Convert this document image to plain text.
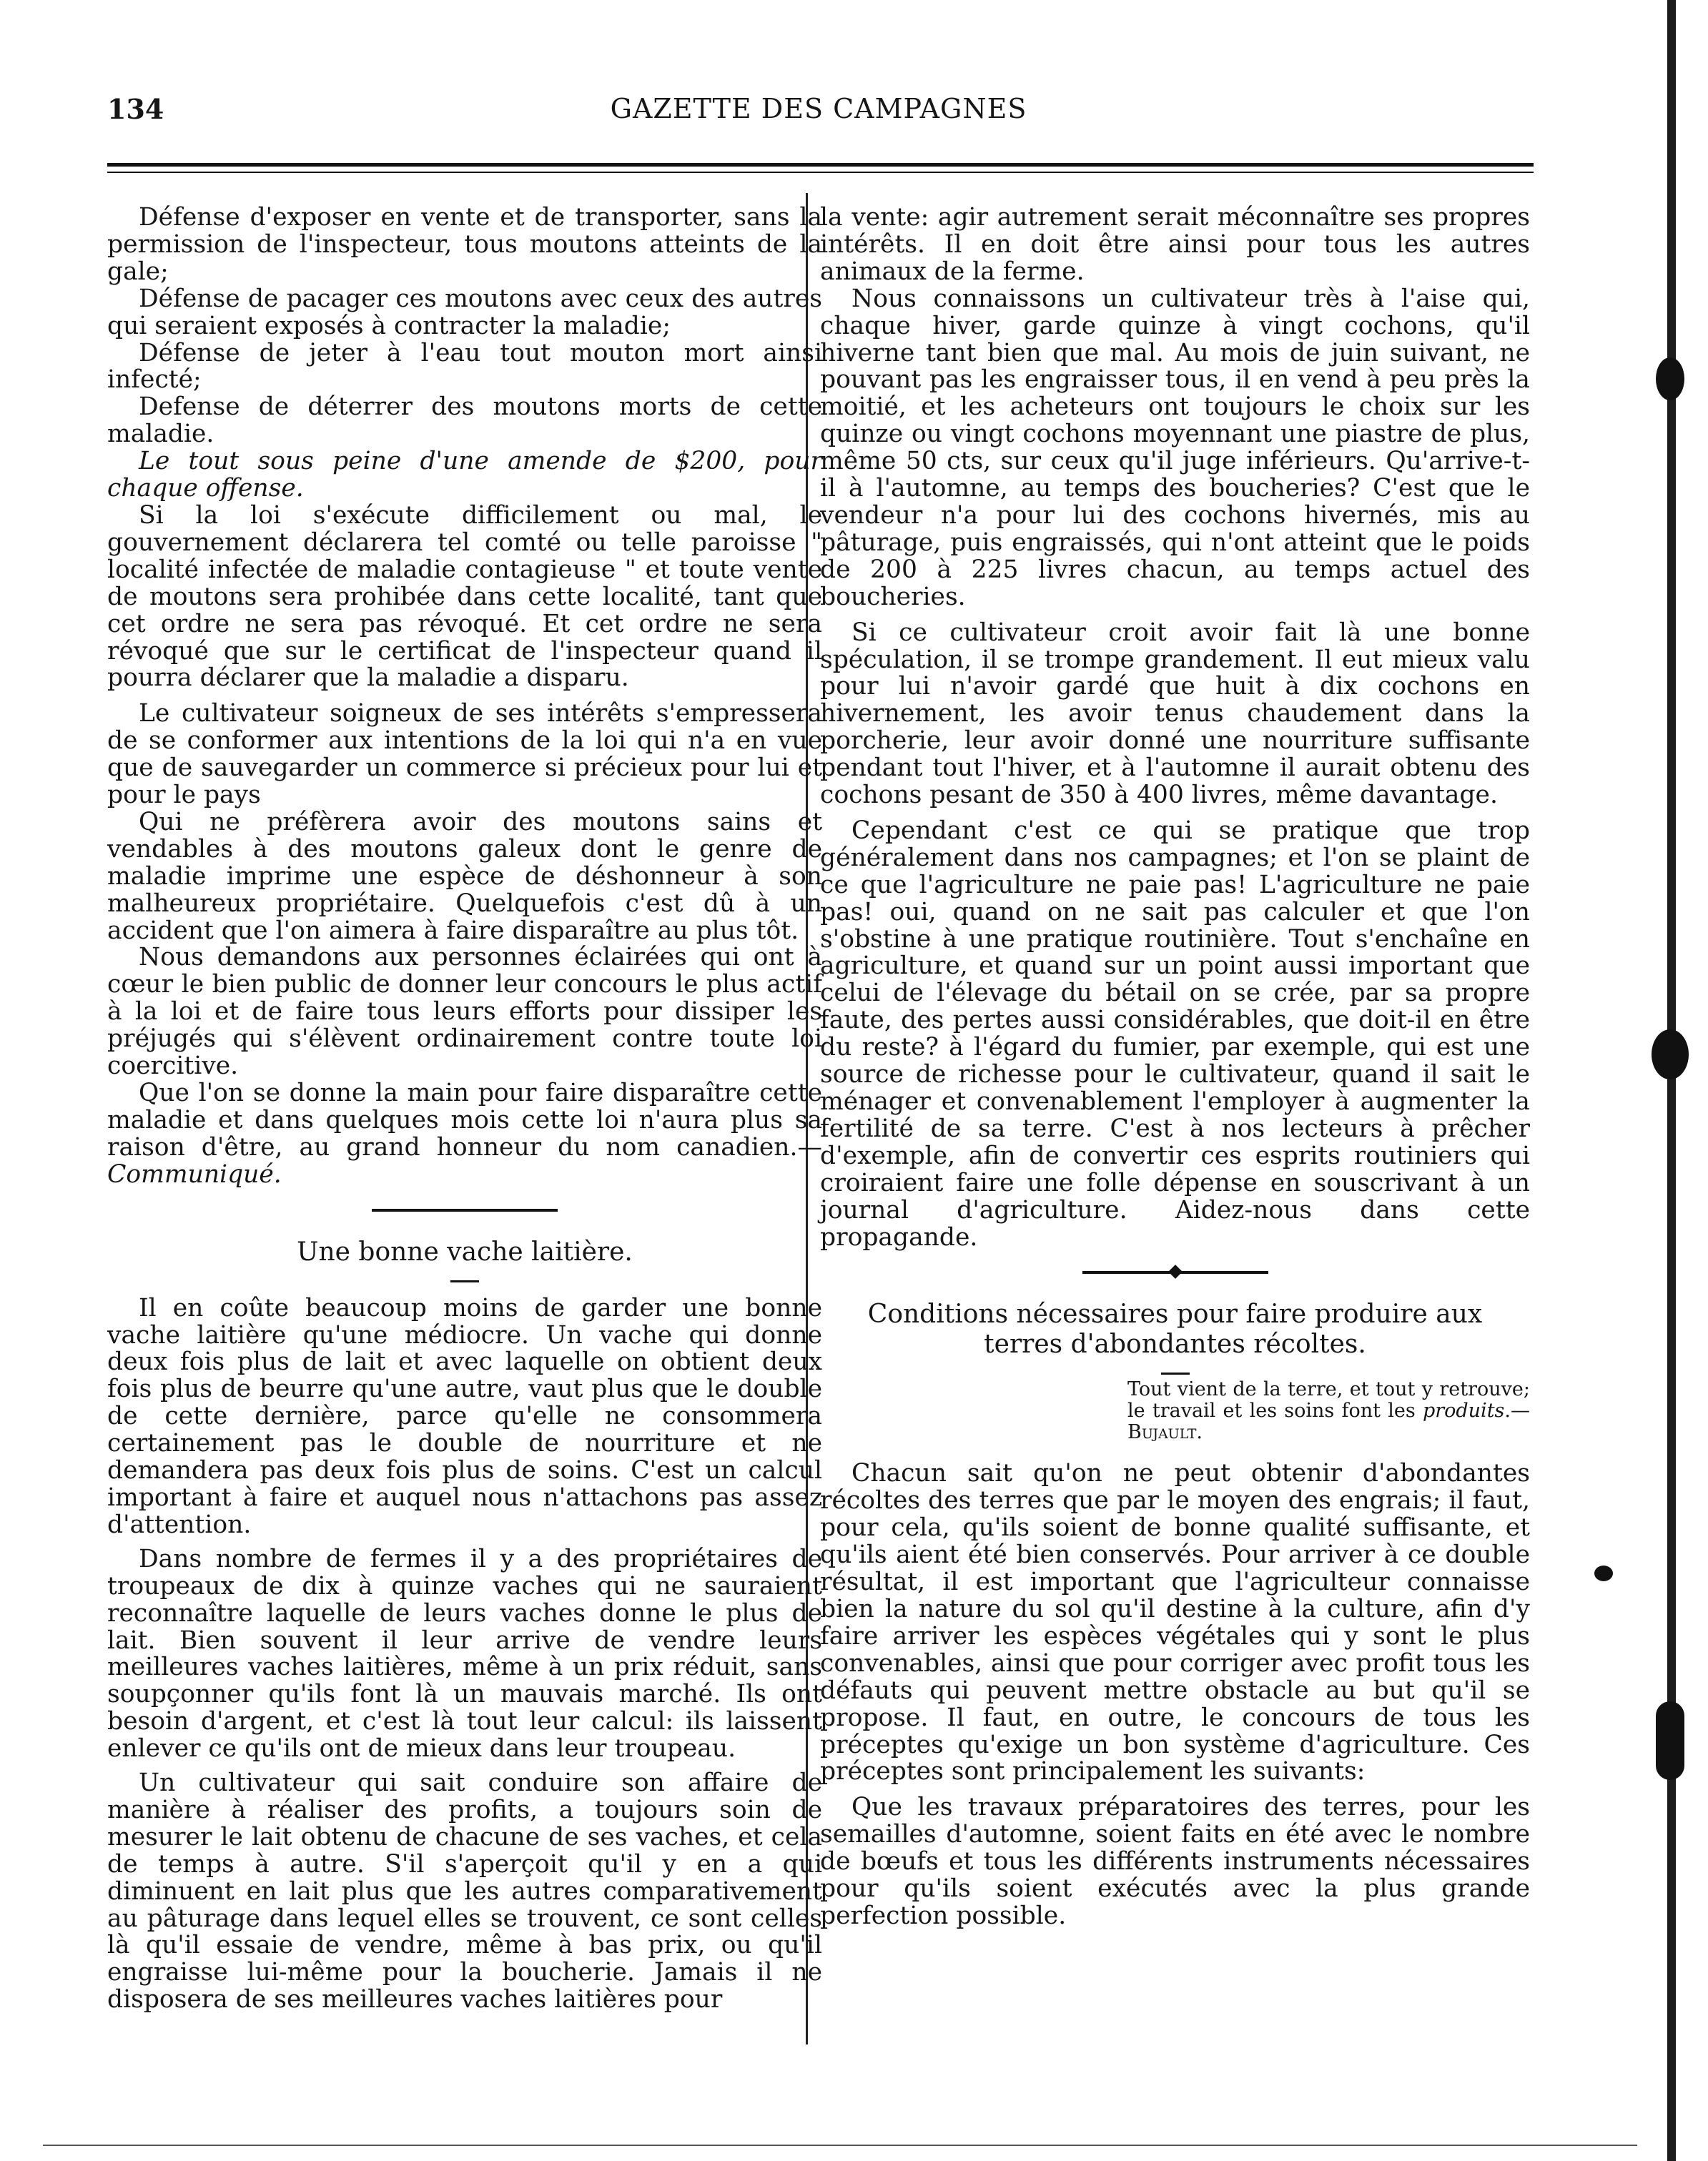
134	GAZETTE DES CAMPAGNES

Défense d'exposer en vente et de transporter, sans la permission de l'inspecteur, tous moutons atteints de la gale;

Défense de pacager ces moutons avec ceux des autres qui seraient exposés à contracter la maladie;

Défense de jeter à l'eau tout mouton mort ainsi infecté;

Defense de déterrer des moutons morts de cette maladie.

Le tout sous peine d'une amende de $200, pour chaque offense.

Si la loi s'exécute difficilement ou mal, le gouvernement déclarera tel comté ou telle paroisse " localité infectée de maladie contagieuse " et toute vente de moutons sera prohibée dans cette localité, tant que cet ordre ne sera pas révoqué. Et cet ordre ne sera révoqué que sur le certificat de l'inspecteur quand il pourra déclarer que la maladie a disparu.

Le cultivateur soigneux de ses intérêts s'empressera de se conformer aux intentions de la loi qui n'a en vue que de sauvegarder un commerce si précieux pour lui et pour le pays

Qui ne préfèrera avoir des moutons sains et vendables à des moutons galeux dont le genre de maladie imprime une espèce de déshonneur à son malheureux propriétaire. Quelquefois c'est dû à un accident que l'on aimera à faire disparaître au plus tôt.

Nous demandons aux personnes éclairées qui ont à cœur le bien public de donner leur concours le plus actif à la loi et de faire tous leurs efforts pour dissiper les préjugés qui s'élèvent ordinairement contre toute loi coercitive.

Que l'on se donne la main pour faire disparaître cette maladie et dans quelques mois cette loi n'aura plus sa raison d'être, au grand honneur du nom canadien.—Communiqué.

Une bonne vache laitière.

Il en coûte beaucoup moins de garder une bonne vache laitière qu'une médiocre. Un vache qui donne deux fois plus de lait et avec laquelle on obtient deux fois plus de beurre qu'une autre, vaut plus que le double de cette dernière, parce qu'elle ne consommera certainement pas le double de nourriture et ne demandera pas deux fois plus de soins. C'est un calcul important à faire et auquel nous n'attachons pas assez d'attention.

Dans nombre de fermes il y a des propriétaires de troupeaux de dix à quinze vaches qui ne sauraient reconnaître laquelle de leurs vaches donne le plus de lait. Bien souvent il leur arrive de vendre leurs meilleures vaches laitières, même à un prix réduit, sans soupçonner qu'ils font là un mauvais marché. Ils ont besoin d'argent, et c'est là tout leur calcul: ils laissent enlever ce qu'ils ont de mieux dans leur troupeau.

Un cultivateur qui sait conduire son affaire de manière à réaliser des profits, a toujours soin de mesurer le lait obtenu de chacune de ses vaches, et cela de temps à autre. S'il s'aperçoit qu'il y en a qui diminuent en lait plus que les autres comparativement au pâturage dans lequel elles se trouvent, ce sont celles là qu'il essaie de vendre, même à bas prix, ou qu'il engraisse lui-même pour la boucherie. Jamais il ne disposera de ses meilleures vaches laitières pour

la vente: agir autrement serait méconnaître ses propres intérêts. Il en doit être ainsi pour tous les autres animaux de la ferme.

Nous connaissons un cultivateur très à l'aise qui, chaque hiver, garde quinze à vingt cochons, qu'il hiverne tant bien que mal. Au mois de juin suivant, ne pouvant pas les engraisser tous, il en vend à peu près la moitié, et les acheteurs ont toujours le choix sur les quinze ou vingt cochons moyennant une piastre de plus, même 50 cts, sur ceux qu'il juge inférieurs. Qu'arrive-t-il à l'automne, au temps des boucheries? C'est que le vendeur n'a pour lui des cochons hivernés, mis au pâturage, puis engraissés, qui n'ont atteint que le poids de 200 à 225 livres chacun, au temps actuel des boucheries.

Si ce cultivateur croit avoir fait là une bonne spéculation, il se trompe grandement. Il eut mieux valu pour lui n'avoir gardé que huit à dix cochons en hivernement, les avoir tenus chaudement dans la porcherie, leur avoir donné une nourriture suffisante pendant tout l'hiver, et à l'automne il aurait obtenu des cochons pesant de 350 à 400 livres, même davantage.

Cependant c'est ce qui se pratique que trop généralement dans nos campagnes; et l'on se plaint de ce que l'agriculture ne paie pas! L'agriculture ne paie pas! oui, quand on ne sait pas calculer et que l'on s'obstine à une pratique routinière. Tout s'enchaîne en agriculture, et quand sur un point aussi important que celui de l'élevage du bétail on se crée, par sa propre faute, des pertes aussi considérables, que doit-il en être du reste? à l'égard du fumier, par exemple, qui est une source de richesse pour le cultivateur, quand il sait le ménager et convenablement l'employer à augmenter la fertilité de sa terre. C'est à nos lecteurs à prêcher d'exemple, afin de convertir ces esprits routiniers qui croiraient faire une folle dépense en souscrivant à un journal d'agriculture. Aidez-nous dans cette propagande.

Conditions nécessaires pour faire produire aux
terres d'abondantes récoltes.
Tout vient de la terre, et tout y retrouve; le travail et les soins font les produits.—Bujault.

Chacun sait qu'on ne peut obtenir d'abondantes récoltes des terres que par le moyen des engrais; il faut, pour cela, qu'ils soient de bonne qualité suffisante, et qu'ils aient été bien conservés. Pour arriver à ce double résultat, il est important que l'agriculteur connaisse bien la nature du sol qu'il destine à la culture, afin d'y faire arriver les espèces végétales qui y sont le plus convenables, ainsi que pour corriger avec profit tous les défauts qui peuvent mettre obstacle au but qu'il se propose. Il faut, en outre, le concours de tous les préceptes qu'exige un bon système d'agriculture. Ces préceptes sont principalement les suivants:

Que les travaux préparatoires des terres, pour les semailles d'automne, soient faits en été avec le nombre de bœufs et tous les différents instruments nécessaires pour qu'ils soient exécutés avec la plus grande perfection possible.
